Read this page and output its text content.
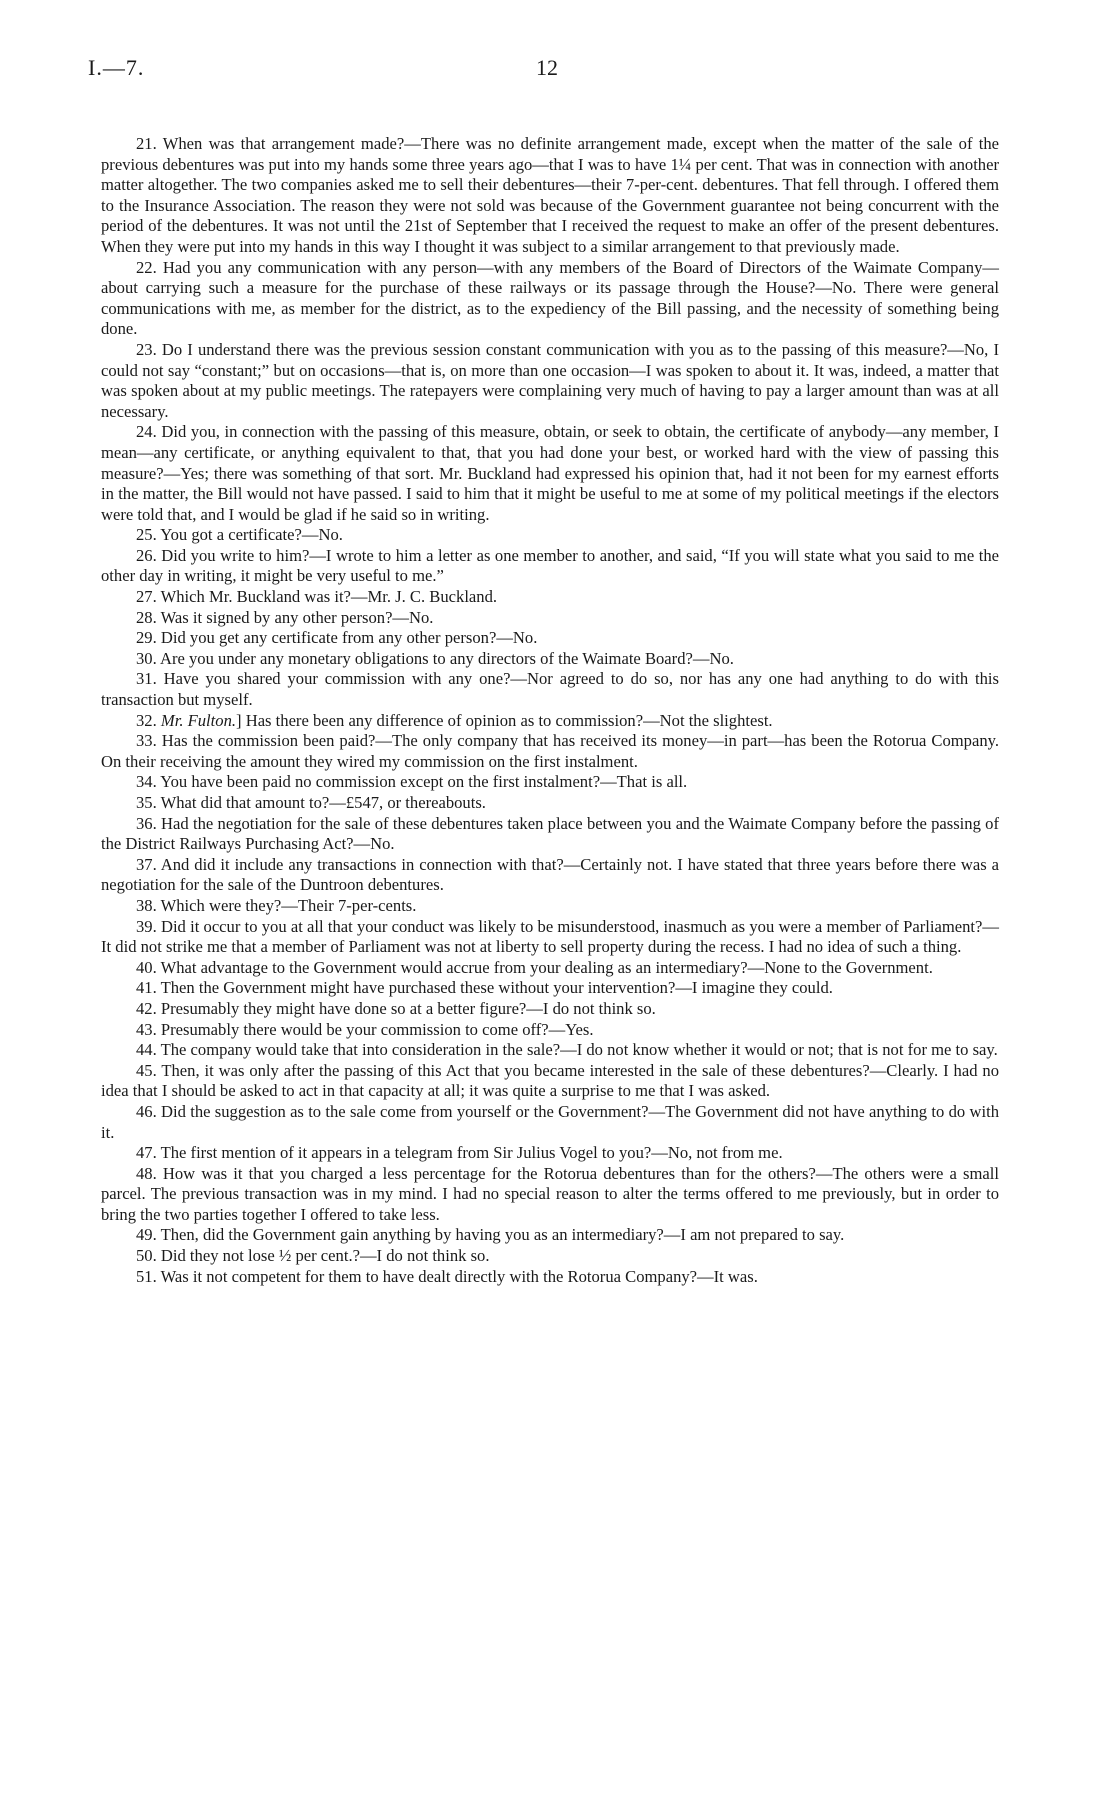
I.—7.	12

21. When was that arrangement made?—There was no definite arrangement made, except when the matter of the sale of the previous debentures was put into my hands some three years ago—that I was to have 1¼ per cent. That was in connection with another matter altogether. The two companies asked me to sell their debentures—their 7-per-cent. debentures. That fell through. I offered them to the Insurance Association. The reason they were not sold was because of the Government guarantee not being concurrent with the period of the debentures. It was not until the 21st of September that I received the request to make an offer of the present debentures. When they were put into my hands in this way I thought it was subject to a similar arrangement to that previously made.

22. Had you any communication with any person—with any members of the Board of Directors of the Waimate Company—about carrying such a measure for the purchase of these railways or its passage through the House?—No. There were general communications with me, as member for the district, as to the expediency of the Bill passing, and the necessity of something being done.

23. Do I understand there was the previous session constant communication with you as to the passing of this measure?—No, I could not say “constant;” but on occasions—that is, on more than one occasion—I was spoken to about it. It was, indeed, a matter that was spoken about at my public meetings. The ratepayers were complaining very much of having to pay a larger amount than was at all necessary.

24. Did you, in connection with the passing of this measure, obtain, or seek to obtain, the certificate of anybody—any member, I mean—any certificate, or anything equivalent to that, that you had done your best, or worked hard with the view of passing this measure?—Yes; there was something of that sort. Mr. Buckland had expressed his opinion that, had it not been for my earnest efforts in the matter, the Bill would not have passed. I said to him that it might be useful to me at some of my political meetings if the electors were told that, and I would be glad if he said so in writing.

25. You got a certificate?—No.

26. Did you write to him?—I wrote to him a letter as one member to another, and said, “If you will state what you said to me the other day in writing, it might be very useful to me.”

27. Which Mr. Buckland was it?—Mr. J. C. Buckland.

28. Was it signed by any other person?—No.

29. Did you get any certificate from any other person?—No.

30. Are you under any monetary obligations to any directors of the Waimate Board?—No.

31. Have you shared your commission with any one?—Nor agreed to do so, nor has any one had anything to do with this transaction but myself.

32. Mr. Fulton.] Has there been any difference of opinion as to commission?—Not the slightest.

33. Has the commission been paid?—The only company that has received its money—in part—has been the Rotorua Company. On their receiving the amount they wired my commission on the first instalment.

34. You have been paid no commission except on the first instalment?—That is all.

35. What did that amount to?—£547, or thereabouts.

36. Had the negotiation for the sale of these debentures taken place between you and the Waimate Company before the passing of the District Railways Purchasing Act?—No.

37. And did it include any transactions in connection with that?—Certainly not. I have stated that three years before there was a negotiation for the sale of the Duntroon debentures.

38. Which were they?—Their 7-per-cents.

39. Did it occur to you at all that your conduct was likely to be misunderstood, inasmuch as you were a member of Parliament?—It did not strike me that a member of Parliament was not at liberty to sell property during the recess. I had no idea of such a thing.

40. What advantage to the Government would accrue from your dealing as an intermediary?—None to the Government.

41. Then the Government might have purchased these without your intervention?—I imagine they could.

42. Presumably they might have done so at a better figure?—I do not think so.

43. Presumably there would be your commission to come off?—Yes.

44. The company would take that into consideration in the sale?—I do not know whether it would or not; that is not for me to say.

45. Then, it was only after the passing of this Act that you became interested in the sale of these debentures?—Clearly. I had no idea that I should be asked to act in that capacity at all; it was quite a surprise to me that I was asked.

46. Did the suggestion as to the sale come from yourself or the Government?—The Government did not have anything to do with it.

47. The first mention of it appears in a telegram from Sir Julius Vogel to you?—No, not from me.

48. How was it that you charged a less percentage for the Rotorua debentures than for the others?—The others were a small parcel. The previous transaction was in my mind. I had no special reason to alter the terms offered to me previously, but in order to bring the two parties together I offered to take less.

49. Then, did the Government gain anything by having you as an intermediary?—I am not prepared to say.

50. Did they not lose ½ per cent.?—I do not think so.

51. Was it not competent for them to have dealt directly with the Rotorua Company?—It was.
